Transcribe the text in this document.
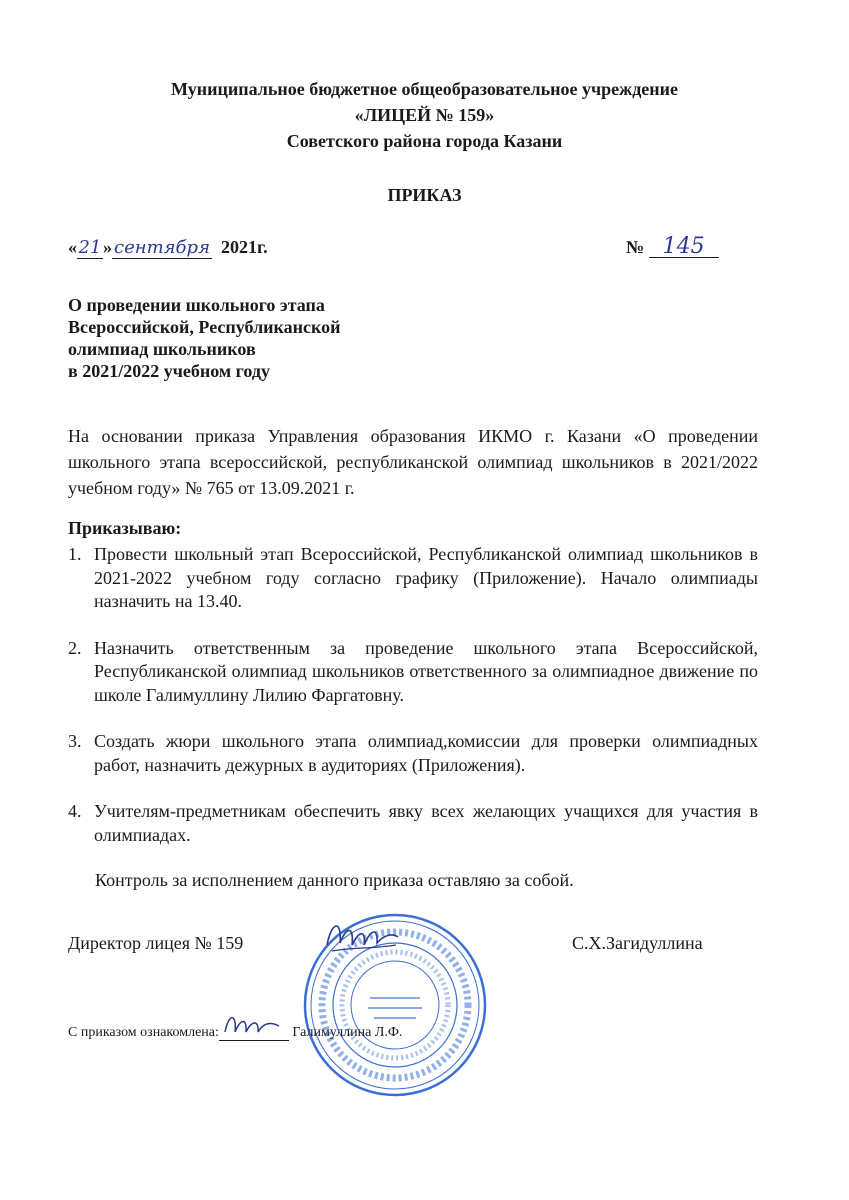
Муниципальное бюджетное общеобразовательное учреждение
«ЛИЦЕЙ № 159»
Советского района города Казани
ПРИКАЗ
«21» сентября 2021г.	№ 145
О проведении школьного этапа
Всероссийской, Республиканской
олимпиад школьников
в 2021/2022 учебном году
На основании приказа Управления образования ИКМО г. Казани «О проведении школьного этапа всероссийской, республиканской олимпиад школьников в 2021/2022 учебном году» № 765 от 13.09.2021 г.
Приказываю:
1. Провести школьный этап Всероссийской, Республиканской олимпиад школьников в 2021-2022 учебном году согласно графику (Приложение). Начало олимпиады назначить на 13.40.
2. Назначить ответственным за проведение школьного этапа Всероссийской, Республиканской олимпиад школьников ответственного за олимпиадное движение по школе Галимуллину Лилию Фаргатовну.
3. Создать жюри школьного этапа олимпиад,комиссии для проверки олимпиадных работ, назначить дежурных в аудиториях (Приложения).
4. Учителям-предметникам обеспечить явку всех желающих учащихся для участия в олимпиадах.
Контроль за исполнением данного приказа оставляю за собой.
Директор лицея № 159	С.Х.Загидуллина
С приказом ознакомлена:	Галимуллина Л.Ф.
